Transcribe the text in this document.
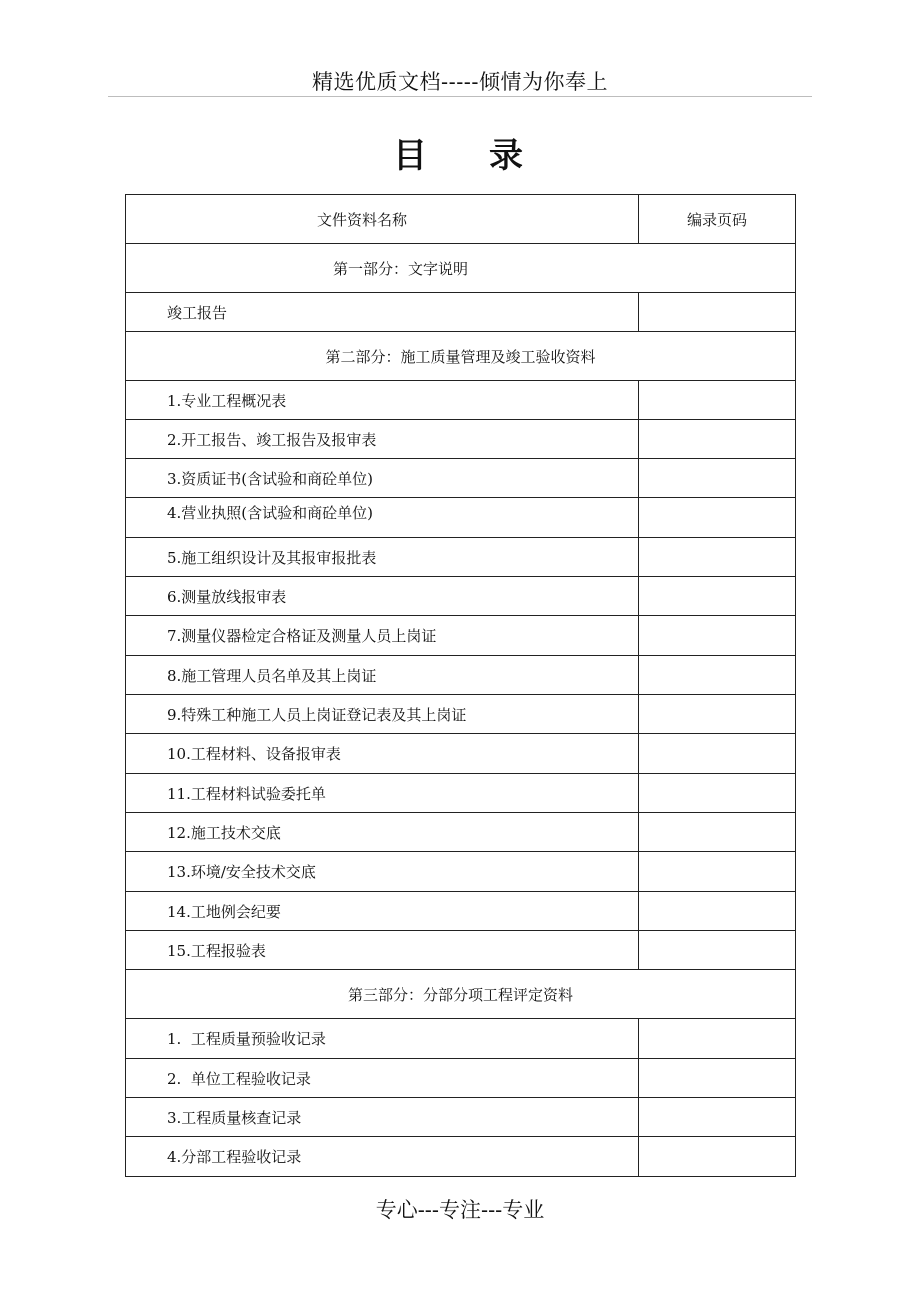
精选优质文档-----倾情为你奉上
目 录
文件资料名称	编录页码
第一部分：文字说明	
竣工报告	
第二部分：施工质量管理及竣工验收资料	
1.专业工程概况表	
2.开工报告、竣工报告及报审表	
3.资质证书(含试验和商砼单位)	
4.营业执照(含试验和商砼单位)	
5.施工组织设计及其报审报批表	
6.测量放线报审表	
7.测量仪器检定合格证及测量人员上岗证	
8.施工管理人员名单及其上岗证	
9.特殊工种施工人员上岗证登记表及其上岗证	
10.工程材料、设备报审表	
11.工程材料试验委托单	
12.施工技术交底	
13.环境/安全技术交底	
14.工地例会纪要	
15.工程报验表	
第三部分：分部分项工程评定资料	
1.  工程质量预验收记录	
2.  单位工程验收记录	
3.工程质量核查记录	
4.分部工程验收记录	
专心---专注---专业
